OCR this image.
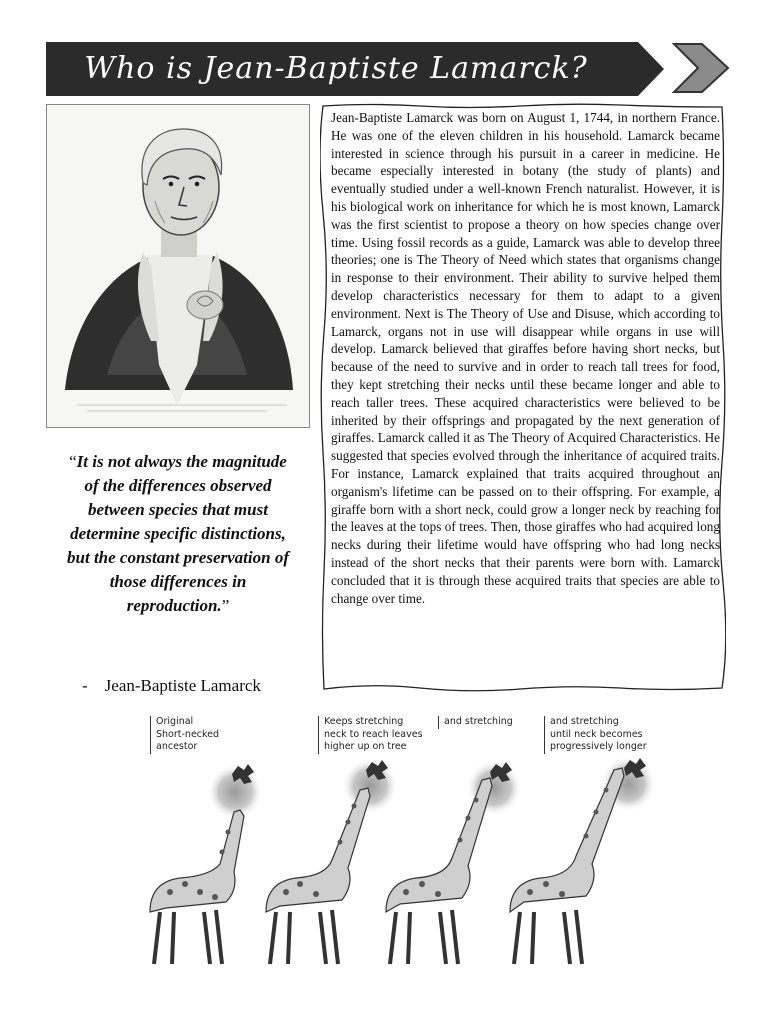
Who is Jean-Baptiste Lamarck?
“It is not always the magnitude of the differences observed between species that must determine specific distinctions, but the constant preservation of those differences in reproduction.”
-    Jean-Baptiste Lamarck
Jean-Baptiste Lamarck was born on August 1, 1744, in northern France. He was one of the eleven children in his household. Lamarck became interested in science through his pursuit in a career in medicine. He became especially interested in botany (the study of plants) and eventually studied under a well-known French naturalist. However, it is his biological work on inheritance for which he is most known, Lamarck was the first scientist to propose a theory on how species change over time. Using fossil records as a guide, Lamarck was able to develop three theories; one is The Theory of Need which states that organisms change in response to their environment. Their ability to survive helped them develop characteristics necessary for them to adapt to a given environment. Next is The Theory of Use and Disuse, which according to Lamarck, organs not in use will disappear while organs in use will develop. Lamarck believed that giraffes before having short necks, but because of the need to survive and in order to reach tall trees for food, they kept stretching their necks until these became longer and able to reach taller trees. These acquired characteristics were believed to be inherited by their offsprings and propagated by the next generation of giraffes. Lamarck called it as The Theory of Acquired Characteristics. He suggested that species evolved through the inheritance of acquired traits. For instance, Lamarck explained that traits acquired throughout an organism's lifetime can be passed on to their offspring. For example, a giraffe born with a short neck, could grow a longer neck by reaching for the leaves at the tops of trees. Then, those giraffes who had acquired long necks during their lifetime would have offspring who had long necks instead of the short necks that their parents were born with. Lamarck concluded that it is through these acquired traits that species are able to change over time.
Original
Short-necked
ancestor
Keeps stretching
neck to reach leaves
higher up on tree
and stretching	and stretching
until neck becomes
progressively longer
